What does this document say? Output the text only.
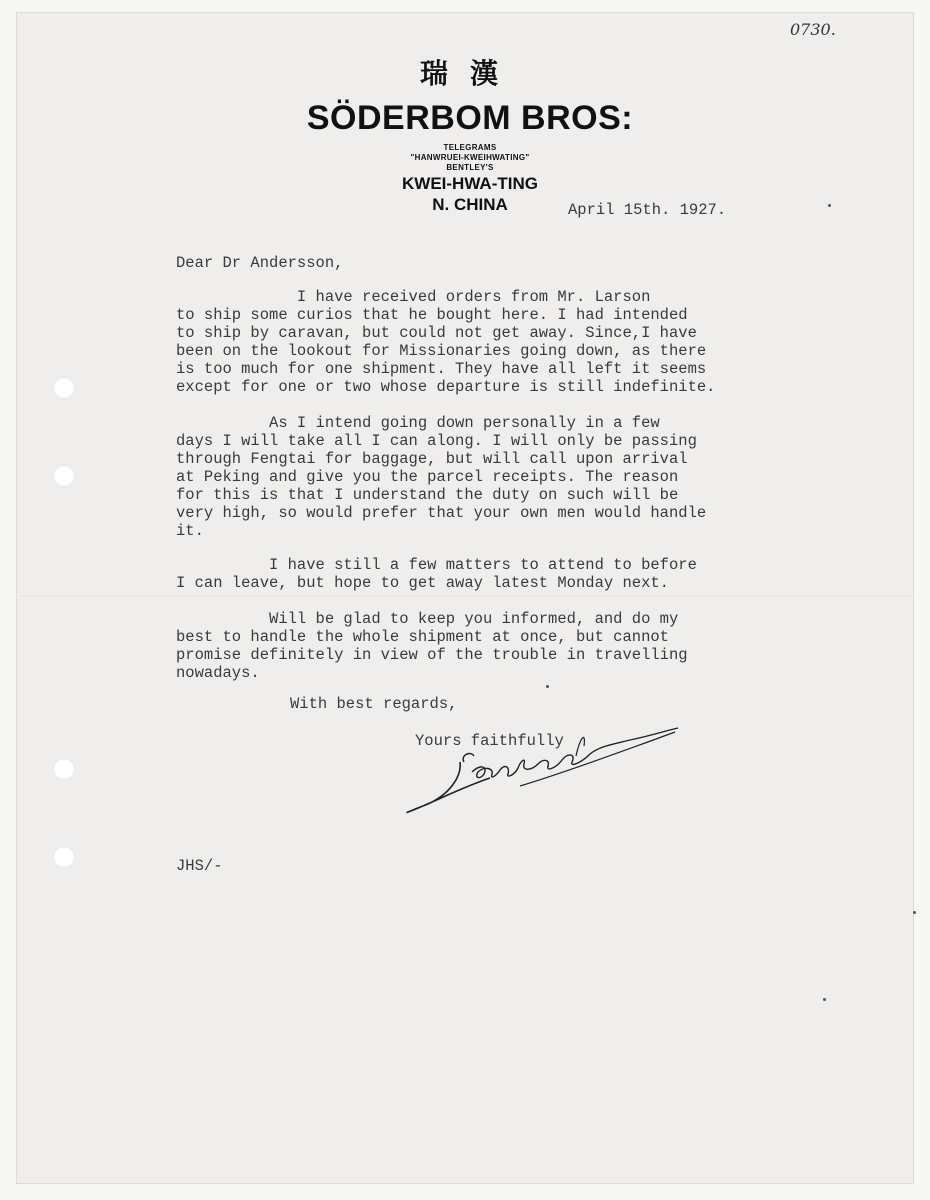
0730.
瑞漢
SÖDERBOM BROS:
TELEGRAMS
"HANWRUEI-KWEIHWATING"
BENTLEY'S
KWEI-HWA-TING
N. CHINA	April 15th. 1927.
Dear Dr Andersson,
I have received orders from Mr. Larson
to ship some curios that he bought here. I had intended
to ship by caravan, but could not get away. Since,I have
been on the lookout for Missionaries going down, as there
is too much for one shipment. They have all left it seems
except for one or two whose departure is still indefinite.
As I intend going down personally in a few
days I will take all I can along. I will only be passing
through Fengtai for baggage, but will call upon arrival
at Peking and give you the parcel receipts. The reason
for this is that I understand the duty on such will be
very high, so would prefer that your own men would handle
it.
I have still a few matters to attend to before
I can leave, but hope to get away latest Monday next.
Will be glad to keep you informed, and do my
best to handle the whole shipment at once, but cannot
promise definitely in view of the trouble in travelling
nowadays.
With best regards,
Yours faithfully
JHS/-
